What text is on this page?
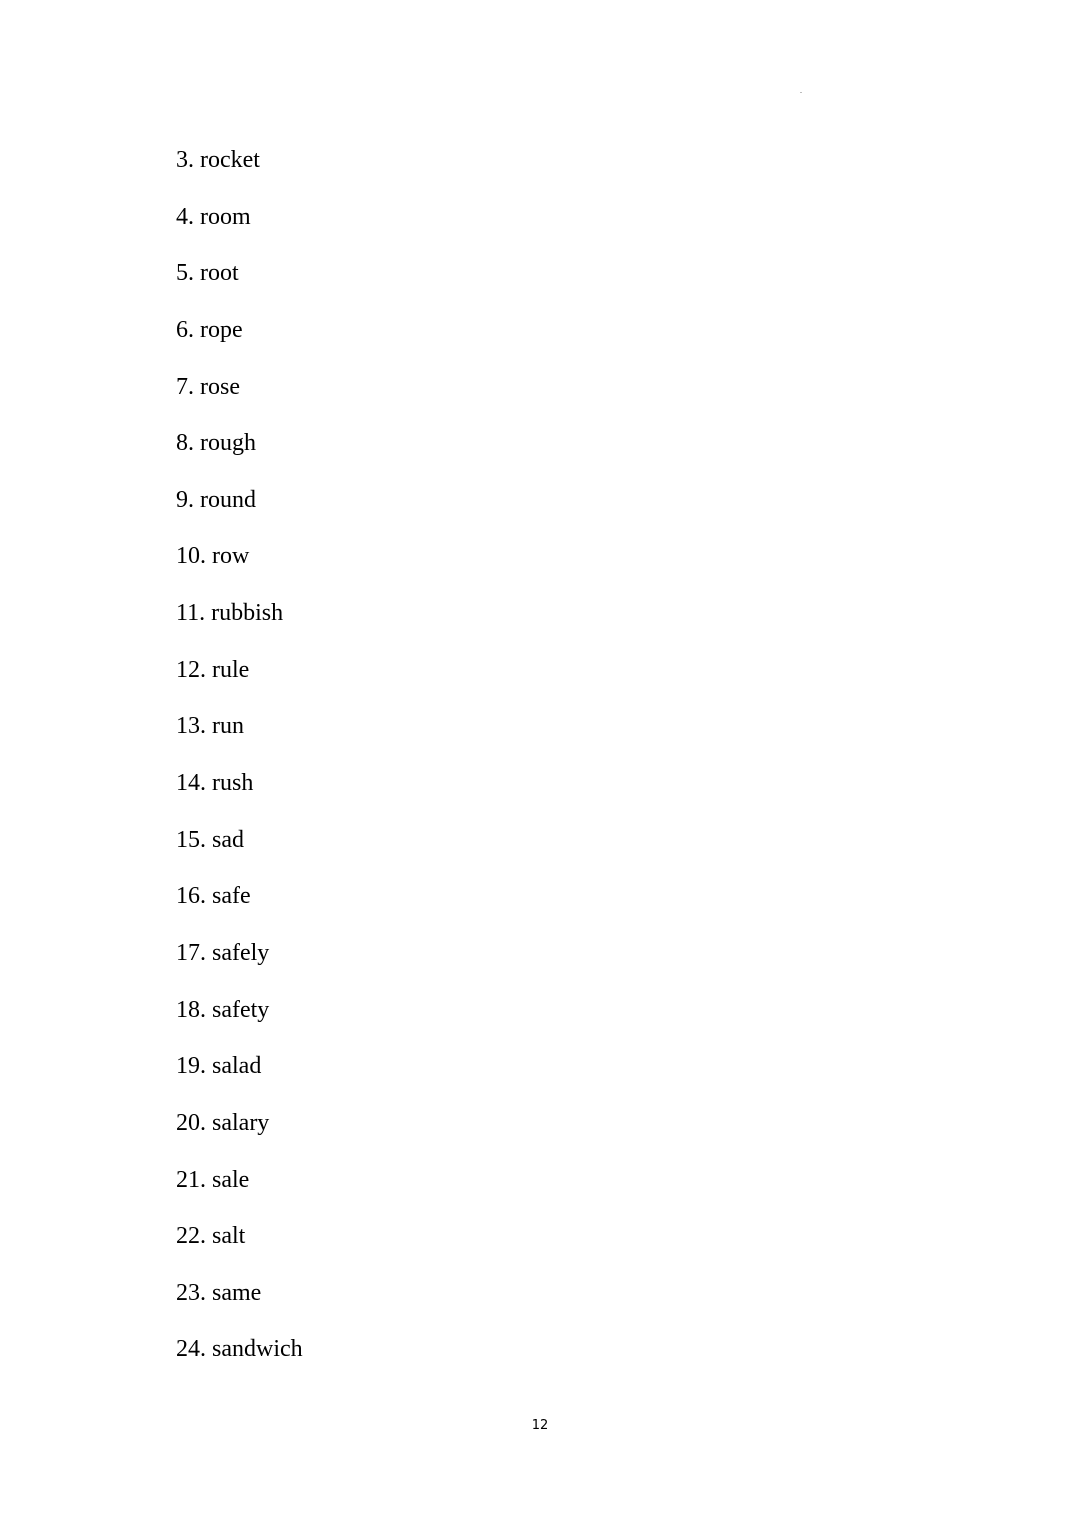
3. rocket
4. room
5. root
6. rope
7. rose
8. rough
9. round
10. row
11. rubbish
12. rule
13. run
14. rush
15. sad
16. safe
17. safely
18. safety
19. salad
20. salary
21. sale
22. salt
23. same
24. sandwich
12
